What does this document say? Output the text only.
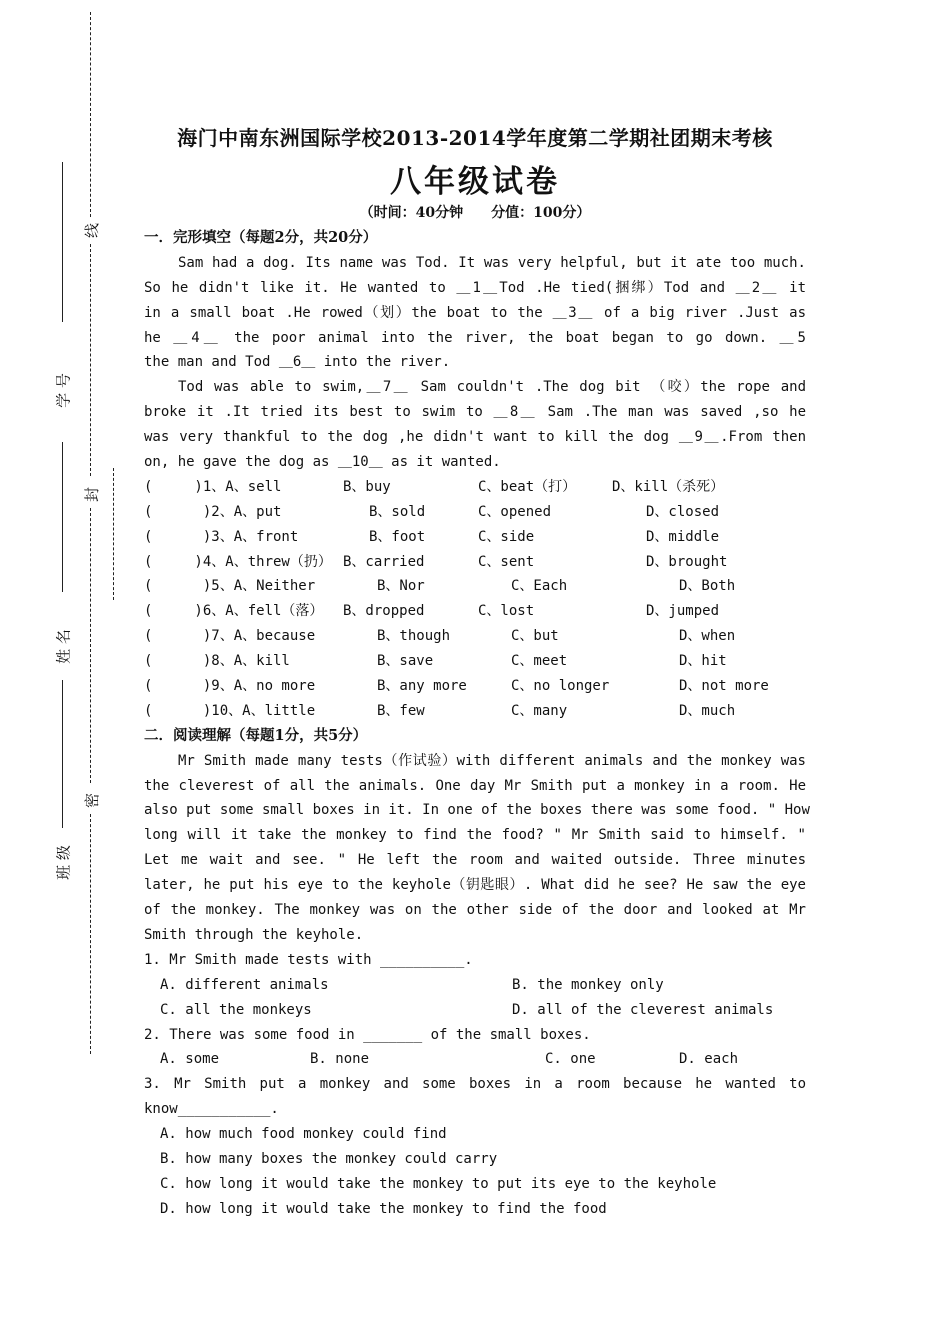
线
封
密
学 号
姓 名
班 级
海门中南东洲国际学校2013-2014学年度第二学期社团期末考核
八年级试卷
（时间：40分钟　　分值：100分）
一．完形填空（每题2分，共20分）
Sam had a dog. Its name was Tod. It was very helpful, but it ate too much.
So he didn't like it. He wanted to ＿1＿Tod .He tied(捆绑）Tod and ＿2＿ it
in a small boat .He rowed（划）the boat to the ＿3＿ of a big river .Just as
he ＿4＿ the poor animal into the river, the boat began to go down. ＿5
the man and Tod ＿6＿ into the river.
Tod was able to swim,＿7＿ Sam couldn't .The dog bit （咬）the rope and
broke it .It tried its best to swim to ＿8＿ Sam .The man was saved ,so he
was very thankful to the dog ,he didn't want to kill the dog ＿9＿.From then
on, he gave the dog as ＿10＿ as it wanted.
(　　　)1、A、sell	B、buy	C、beat（打）	D、kill（杀死）
(　　　 )2、A、put	B、sold	C、opened	D、closed
(　　　 )3、A、front	B、foot	C、side	D、middle
(　　　)4、A、threw（扔） B、carried	C、sent	D、brought
(　　　 )5、A、Neither	B、Nor	C、Each	D、Both
(　　　)6、A、fell（落） B、dropped	C、lost	D、jumped
(　　　 )7、A、because	B、though	C、but	D、when
(　　　 )8、A、kill	B、save	C、meet	D、hit
(　　　 )9、A、no more	B、any more	C、no longer	D、not more
(　　　 )10、A、little	B、few	C、many	D、much
二．阅读理解（每题1分，共5分）
Mr Smith made many tests（作试验）with different animals and the monkey was
the cleverest of all the animals. One day Mr Smith put a monkey in a room. He
also put some small boxes in it. In one of the boxes there was some food. " How
long will it take the monkey to find the food? " Mr Smith said to himself. "
Let me wait and see. " He left the room and waited outside. Three minutes
later, he put his eye to the keyhole（钥匙眼）. What did he see? He saw the eye
of the monkey. The monkey was on the other side of the door and looked at Mr
Smith through the keyhole.
1. Mr Smith made tests with __________.
A. different animals	B. the monkey only
C. all the monkeys	D. all of the cleverest animals
2. There was some food in _______ of the small boxes.
A. some	B. none	C. one	D. each
3. Mr Smith put a monkey and some boxes in a room because he wanted to
know___________.
A. how much food monkey could find
B. how many boxes the monkey could carry
C. how long it would take the monkey to put its eye to the keyhole
D. how long it would take the monkey to find the food
